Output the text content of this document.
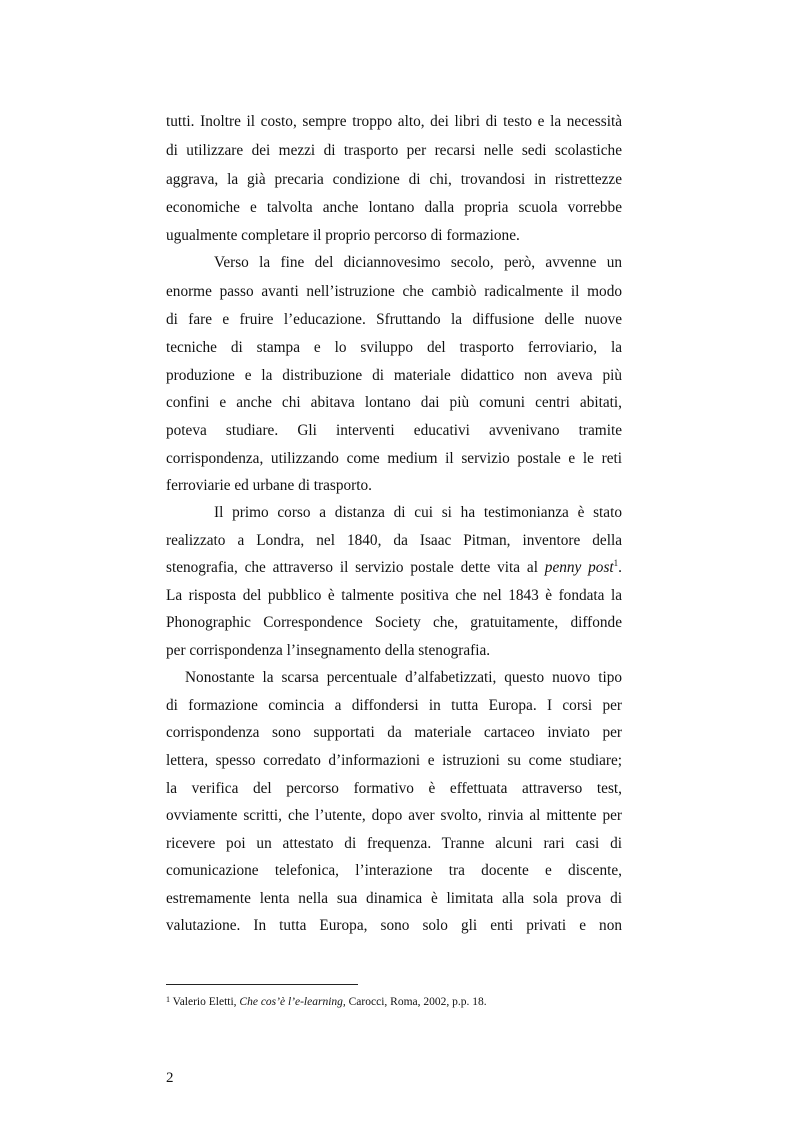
tutti. Inoltre il costo, sempre troppo alto, dei libri di testo e la necessità
di utilizzare dei mezzi di trasporto per recarsi nelle sedi scolastiche
aggrava, la già precaria condizione di chi, trovandosi in ristrettezze
economiche e talvolta anche lontano dalla propria scuola vorrebbe
ugualmente completare il proprio percorso di formazione.
Verso la fine del diciannovesimo secolo, però, avvenne un
enorme passo avanti nell’istruzione che cambiò radicalmente il modo
di fare e fruire l’educazione. Sfruttando la diffusione delle nuove
tecniche di stampa e lo sviluppo del trasporto ferroviario, la
produzione e la distribuzione di materiale didattico non aveva più
confini e anche chi abitava lontano dai più comuni centri abitati,
poteva studiare. Gli interventi educativi avvenivano tramite
corrispondenza, utilizzando come medium il servizio postale e le reti
ferroviarie ed urbane di trasporto.
Il primo corso a distanza di cui si ha testimonianza è stato
realizzato a Londra, nel 1840, da Isaac Pitman, inventore della
stenografia, che attraverso il servizio postale dette vita al penny post$^1$.
La risposta del pubblico è talmente positiva che nel 1843 è fondata la
Phonographic Correspondence Society che, gratuitamente, diffonde
per corrispondenza l’insegnamento della stenografia.
Nonostante la scarsa percentuale d’alfabetizzati, questo nuovo tipo
di formazione comincia a diffondersi in tutta Europa. I corsi per
corrispondenza sono supportati da materiale cartaceo inviato per
lettera, spesso corredato d’informazioni e istruzioni su come studiare;
la verifica del percorso formativo è effettuata attraverso test,
ovviamente scritti, che l’utente, dopo aver svolto, rinvia al mittente per
ricevere poi un attestato di frequenza. Tranne alcuni rari casi di
comunicazione telefonica, l’interazione tra docente e discente,
estremamente lenta nella sua dinamica è limitata alla sola prova di
valutazione. In tutta Europa, sono solo gli enti privati e non
$^1$ Valerio Eletti, Che cos’è l’e-learning, Carocci, Roma, 2002, p.p. 18.
2
